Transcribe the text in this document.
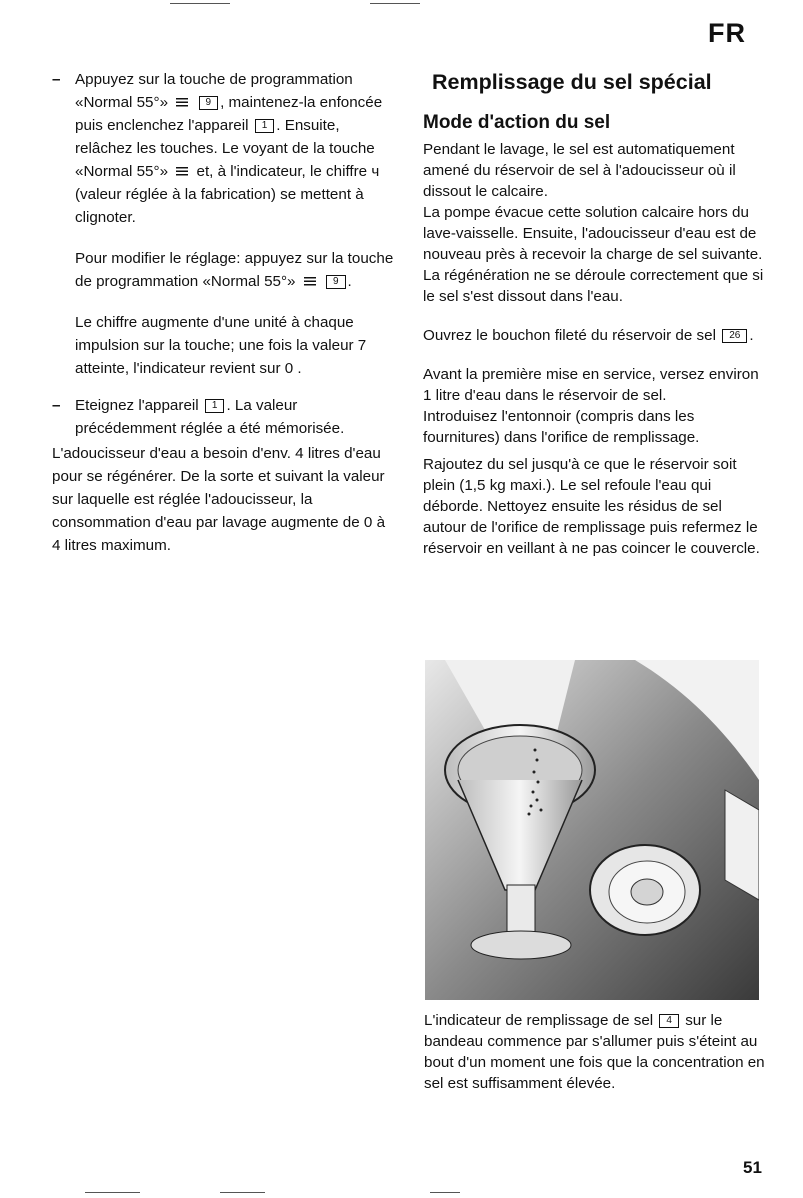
FR
– Appuyez sur la touche de programmation «Normal 55°»	9 , maintenez-la enfoncée puis enclenchez l'appareil 1 . Ensuite, relâchez les touches. Le voyant de la touche «Normal 55°» et, à l'indicateur, le chiffre ч (valeur réglée à la fabrication) se mettent à clignoter.

Pour modifier le réglage: appuyez sur la touche de programmation «Normal 55°»	9 .

Le chiffre augmente d'une unité à chaque impulsion sur la touche; une fois la valeur 7 atteinte, l'indicateur revient sur 0 .

– Eteignez l'appareil 1 . La valeur précédemment réglée a été mémorisée.

L'adoucisseur d'eau a besoin d'env. 4 litres d'eau pour se régénérer. De la sorte et suivant la valeur sur laquelle est réglée l'adoucisseur, la consommation d'eau par lavage augmente de 0 à 4 litres maximum.

Remplissage du sel spécial
Mode d'action du sel

Pendant le lavage, le sel est automatiquement amené du réservoir de sel à l'adoucisseur où il dissout le calcaire.

La pompe évacue cette solution calcaire hors du lave-vaisselle. Ensuite, l'adoucisseur d'eau est de nouveau près à recevoir la charge de sel suivante.

La régénération ne se déroule correctement que si le sel s'est dissout dans l'eau.

Ouvrez le bouchon fileté du réservoir de sel 26 .

Avant la première mise en service, versez environ 1 litre d'eau dans le réservoir de sel.

Introduisez l'entonnoir (compris dans les fournitures) dans l'orifice de remplissage.

Rajoutez du sel jusqu'à ce que le réservoir soit plein (1,5 kg maxi.). Le sel refoule l'eau qui déborde. Nettoyez ensuite les résidus de sel autour de l'orifice de remplissage puis refermez le réservoir en veillant à ne pas coincer le couvercle.

L'indicateur de remplissage de sel 4 sur le bandeau commence par s'allumer puis s'éteint au bout d'un moment une fois que la concentration en sel est suffisamment élevée.

51
